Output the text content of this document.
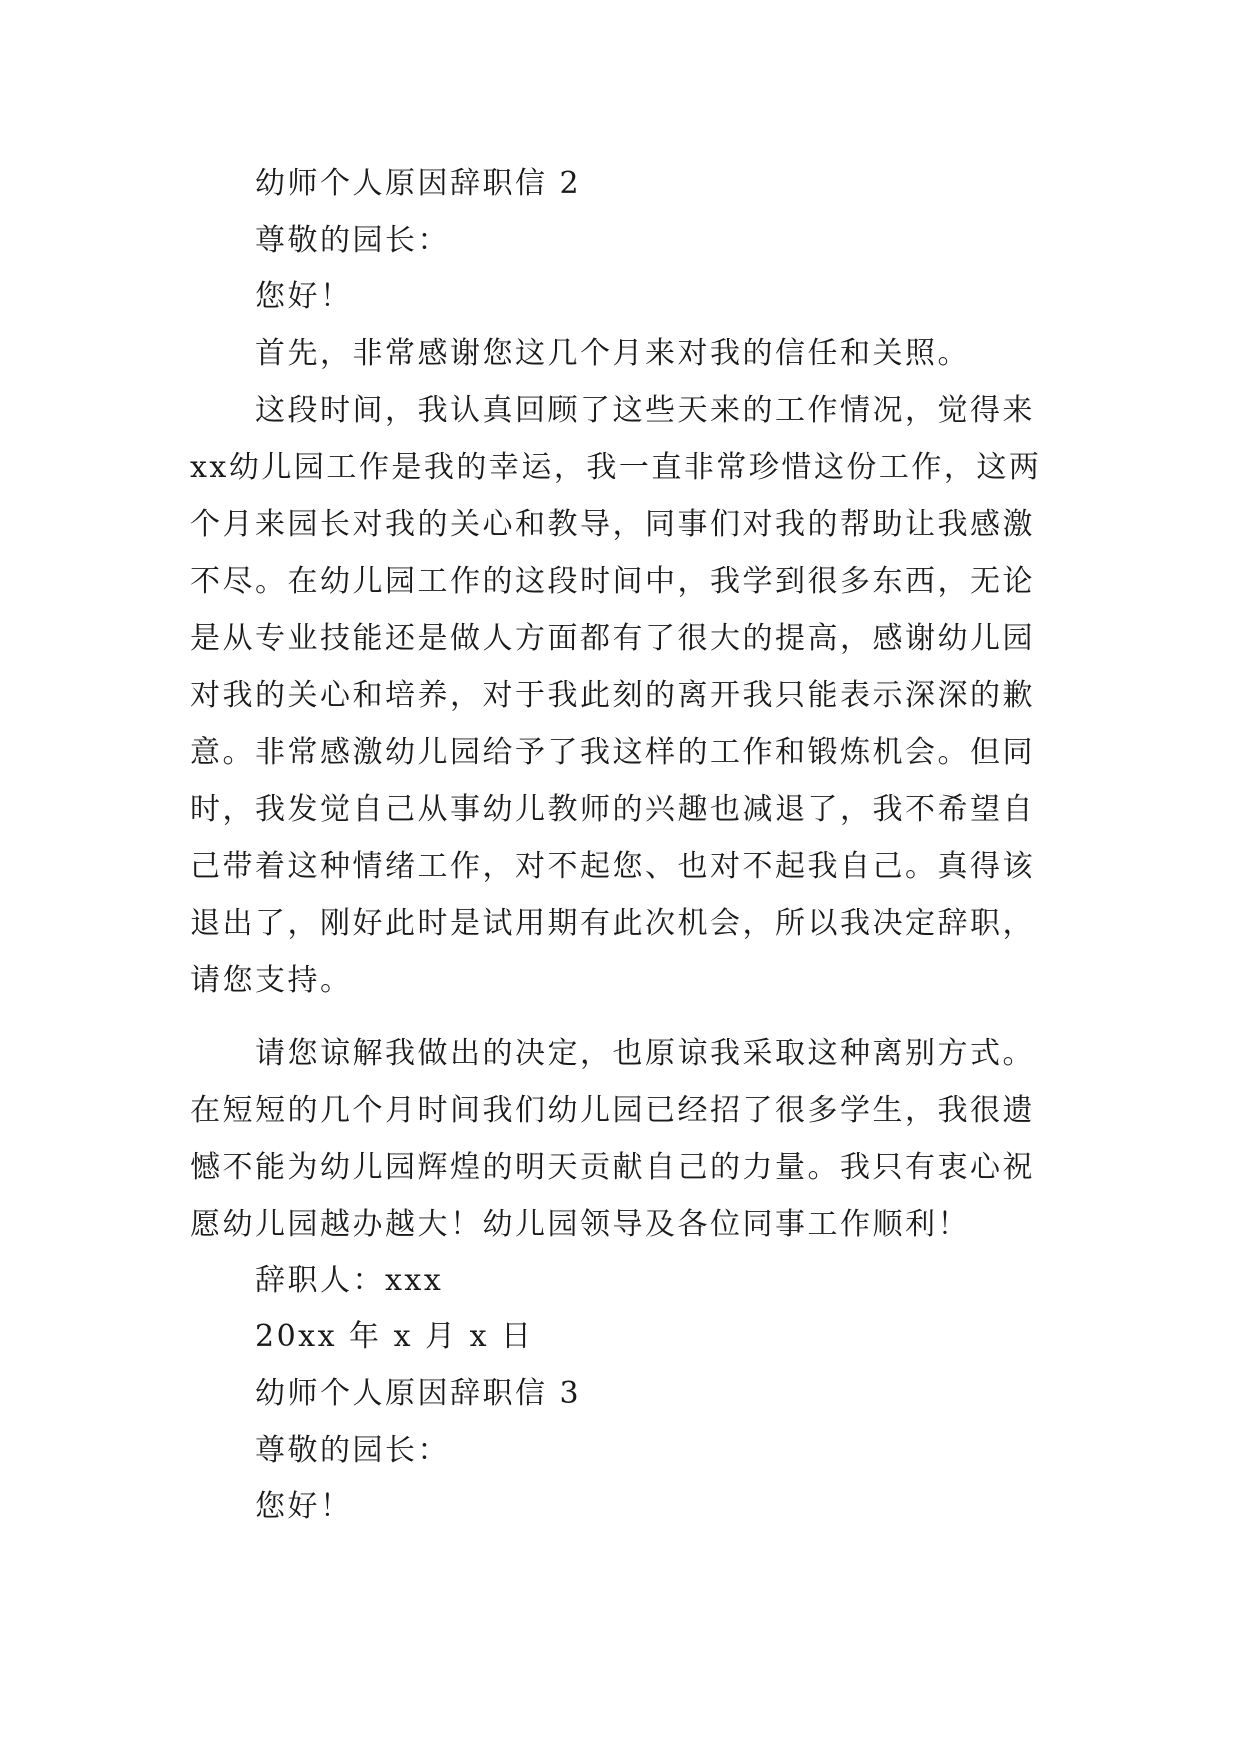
幼师个人原因辞职信 2

尊敬的园长：

您好！

首先，非常感谢您这几个月来对我的信任和关照。

这段时间，我认真回顾了这些天来的工作情况，觉得来xx幼儿园工作是我的幸运，我一直非常珍惜这份工作，这两个月来园长对我的关心和教导，同事们对我的帮助让我感激不尽。在幼儿园工作的这段时间中，我学到很多东西，无论是从专业技能还是做人方面都有了很大的提高，感谢幼儿园对我的关心和培养，对于我此刻的离开我只能表示深深的歉意。非常感激幼儿园给予了我这样的工作和锻炼机会。但同时，我发觉自己从事幼儿教师的兴趣也减退了，我不希望自己带着这种情绪工作，对不起您、也对不起我自己。真得该退出了，刚好此时是试用期有此次机会，所以我决定辞职，请您支持。

请您谅解我做出的决定，也原谅我采取这种离别方式。在短短的几个月时间我们幼儿园已经招了很多学生，我很遗憾不能为幼儿园辉煌的明天贡献自己的力量。我只有衷心祝愿幼儿园越办越大！幼儿园领导及各位同事工作顺利！

辞职人：xxx

20xx 年 x 月 x 日

幼师个人原因辞职信 3

尊敬的园长：

您好！
